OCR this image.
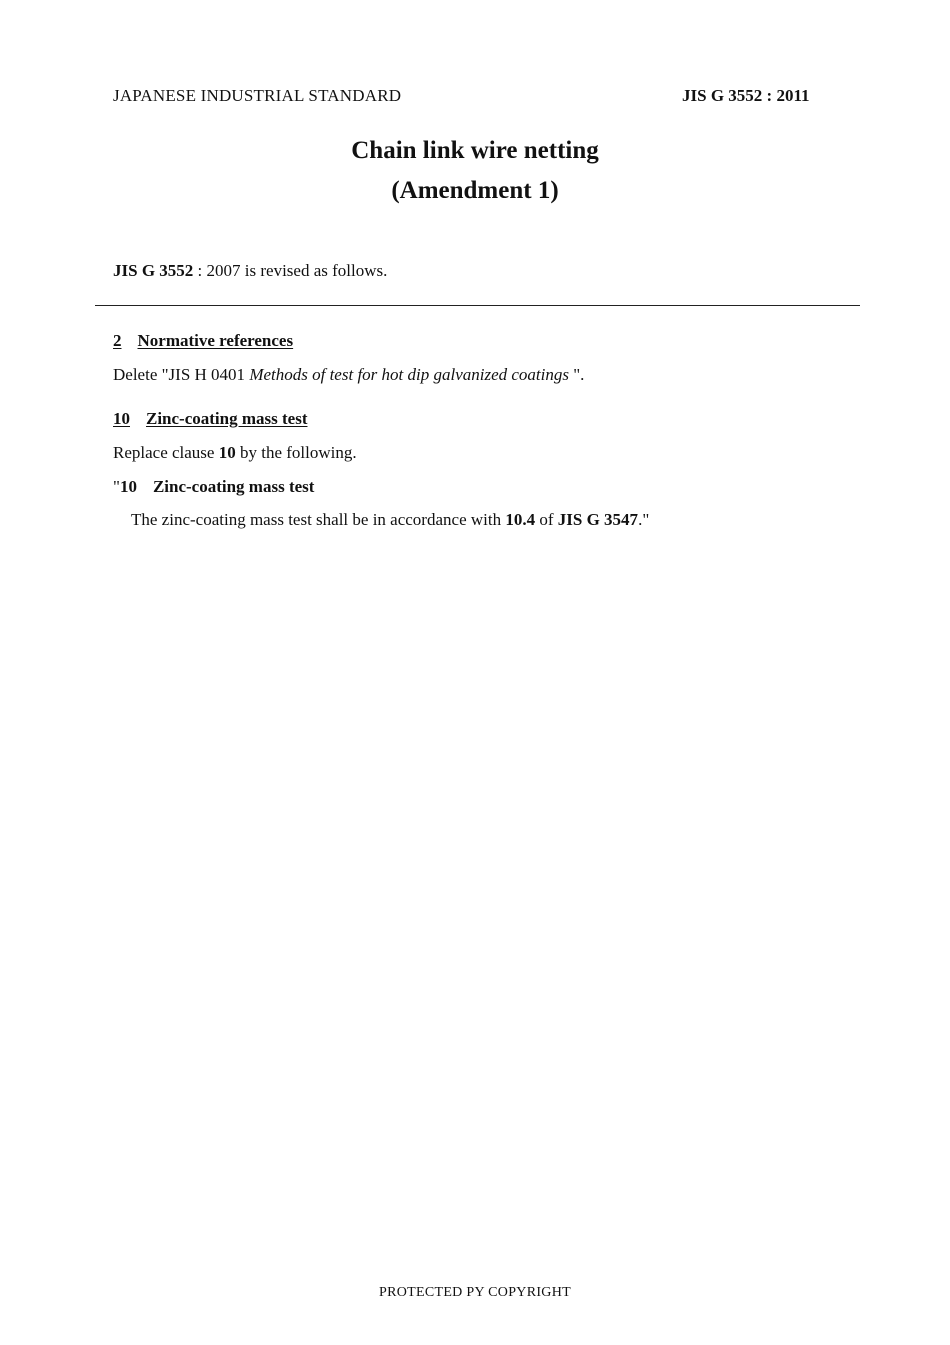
JAPANESE INDUSTRIAL STANDARD	JIS G 3552 : 2011
Chain link wire netting
(Amendment 1)
JIS G 3552 : 2007 is revised as follows.
2 Normative references
Delete "JIS H 0401 Methods of test for hot dip galvanized coatings ".
10 Zinc-coating mass test
Replace clause 10 by the following.
"10 Zinc-coating mass test
The zinc-coating mass test shall be in accordance with 10.4 of JIS G 3547."
PROTECTED PY COPYRIGHT
